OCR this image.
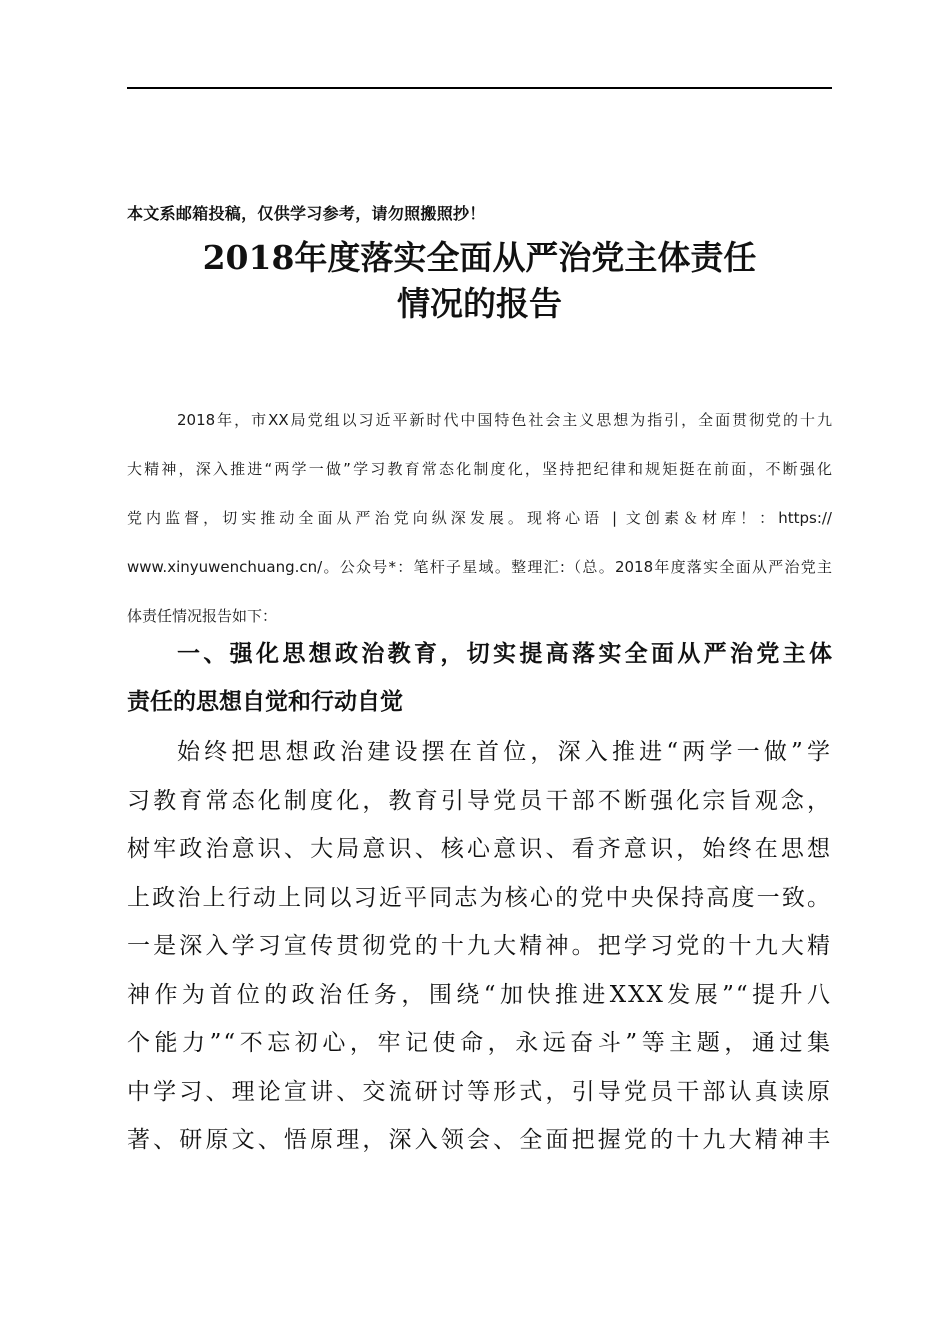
本文系邮箱投稿，仅供学习参考，请勿照搬照抄！
2018年度落实全面从严治党主体责任
情况的报告
2018年，市XX局党组以习近平新时代中国特色社会主义思想为指引，全面贯彻党的十九
大精神，深入推进“两学一做”学习教育常态化制度化，坚持把纪律和规矩挺在前面，不断强化
党内监督，切实推动全面从严治党向纵深发展。现将心语 | 文创素＆材库！：https://
www.xinyuwenchuang.cn/。公众号*：笔杆子星域。整理汇:（总。2018年度落实全面从严治党主
体责任情况报告如下：
一、强化思想政治教育，切实提高落实全面从严治党主体
责任的思想自觉和行动自觉
始终把思想政治建设摆在首位，深入推进“两学一做”学
习教育常态化制度化，教育引导党员干部不断强化宗旨观念，
树牢政治意识、大局意识、核心意识、看齐意识，始终在思想
上政治上行动上同以习近平同志为核心的党中央保持高度一致。
一是深入学习宣传贯彻党的十九大精神。把学习党的十九大精
神作为首位的政治任务，围绕“加快推进XXX发展”“提升八
个能力”“不忘初心，牢记使命，永远奋斗”等主题，通过集
中学习、理论宣讲、交流研讨等形式，引导党员干部认真读原
著、研原文、悟原理，深入领会、全面把握党的十九大精神丰
